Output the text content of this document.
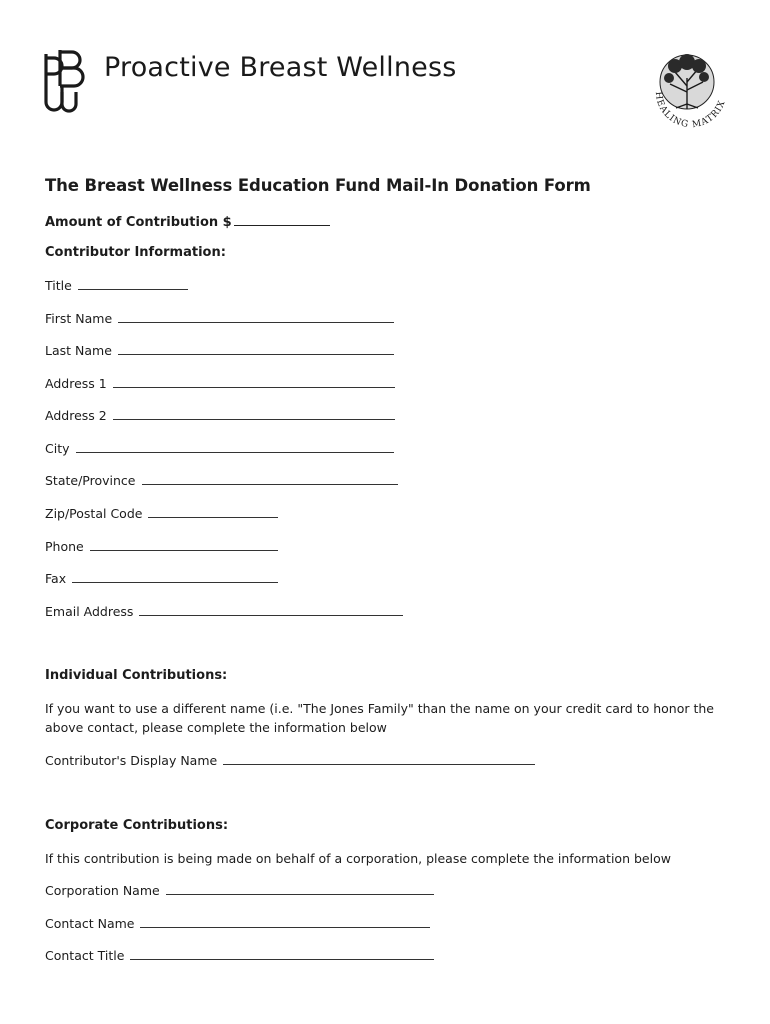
Proactive Breast Wellness
HEALING MATRIX
The Breast Wellness Education Fund Mail-In Donation Form
Amount of Contribution $
Contributor Information:
Title
First Name
Last Name
Address 1
Address 2
City
State/Province
Zip/Postal Code
Phone
Fax
Email Address
Individual Contributions:
If you want to use a different name (i.e. "The Jones Family" than the name on your credit card to honor the above contact, please complete the information below
Contributor's Display Name
Corporate Contributions:
If this contribution is being made on behalf of a corporation, please complete the information below
Corporation Name
Contact Name
Contact Title
